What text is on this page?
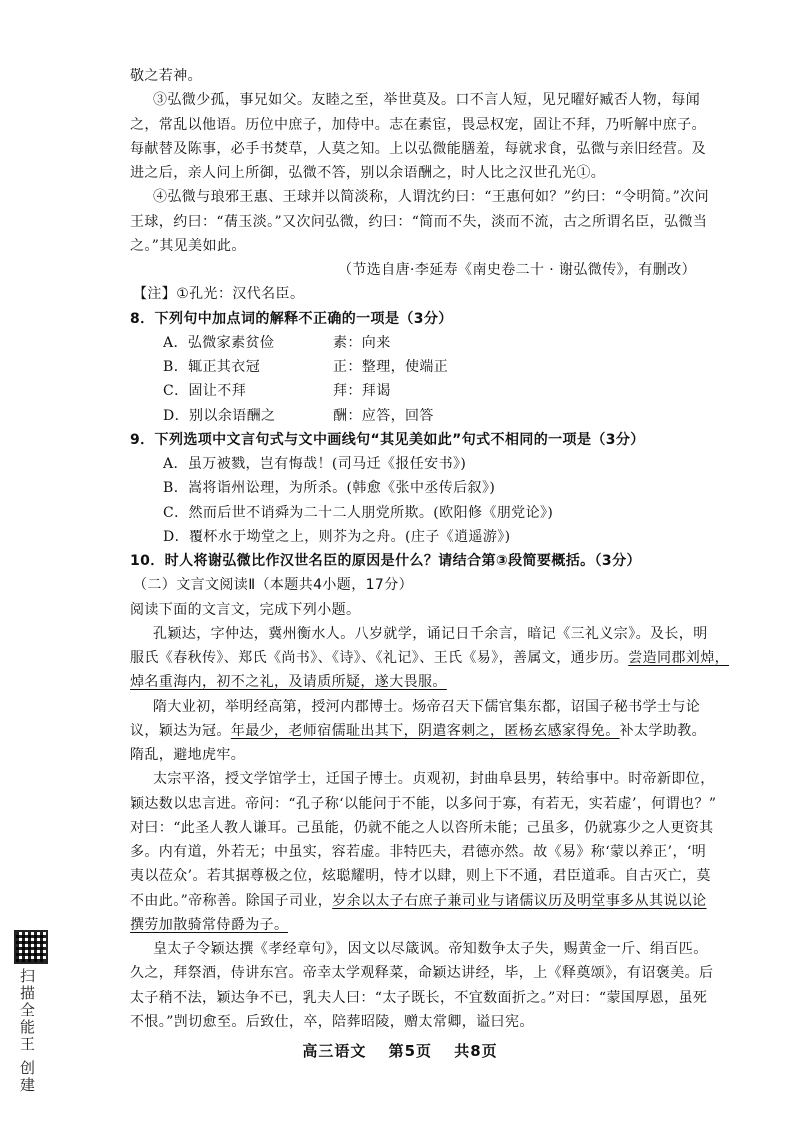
敬之若神。
③弘微少孤，事兄如父。友睦之至，举世莫及。口不言人短，见兄曜好臧否人物，每闻
之，常乱以他语。历位中庶子，加侍中。志在素宦，畏忌权宠，固让不拜，乃听解中庶子。
每献替及陈事，必手书焚草，人莫之知。上以弘微能膳羞，每就求食，弘微与亲旧经营。及
进之后，亲人问上所御，弘微不答，别以余语酬之，时人比之汉世孔光①。
④弘微与琅邪王惠、王球并以简淡称，人谓沈约曰：“王惠何如？”约曰：“令明简。”次问
王球，约曰：“蒨玉淡。”又次问弘微，约曰：“简而不失，淡而不流，古之所谓名臣，弘微当
之。”其见美如此。
（节选自唐·李延寿《南史卷二十 · 谢弘微传》，有删改）
【注】①孔光：汉代名臣。
8．下列句中加点词的解释不正确的一项是（3分）
A．弘微家素贫俭	素：向来
B．辄正其衣冠	正：整理，使端正
C．固让不拜	拜：拜谒
D．别以余语酬之	酬：应答，回答
9．下列选项中文言句式与文中画线句“其见美如此”句式不相同的一项是（3分）
A．虽万被戮，岂有悔哉！(司马迁《报任安书》)
B．嵩将诣州讼理，为所杀。(韩愈《张中丞传后叙》)
C．然而后世不诮舜为二十二人朋党所欺。(欧阳修《朋党论》)
D．覆杯水于坳堂之上，则芥为之舟。(庄子《逍遥游》)
10．时人将谢弘微比作汉世名臣的原因是什么？请结合第③段简要概括。（3分）
（二）文言文阅读Ⅱ（本题共4小题，17分）
阅读下面的文言文，完成下列小题。
孔颖达，字仲达，冀州衡水人。八岁就学，诵记日千余言，暗记《三礼义宗》。及长，明
服氏《春秋传》、郑氏《尚书》、《诗》、《礼记》、王氏《易》，善属文，通步历。尝造同郡刘焯，
焯名重海内，初不之礼，及请质所疑，遂大畏服。
隋大业初，举明经高第，授河内郡博士。炀帝召天下儒官集东都，诏国子秘书学士与论
议，颖达为冠。年最少，老师宿儒耻出其下，阴遣客刺之，匿杨玄感家得免。补太学助教。
隋乱，避地虎牢。
太宗平洛，授文学馆学士，迁国子博士。贞观初，封曲阜县男，转给事中。时帝新即位，
颖达数以忠言进。帝问：“孔子称‘以能问于不能，以多问于寡，有若无，实若虚’，何谓也？”
对曰：“此圣人教人谦耳。己虽能，仍就不能之人以咨所未能；己虽多，仍就寡少之人更资其
多。内有道，外若无；中虽实，容若虚。非特匹夫，君德亦然。故《易》称‘蒙以养正’，‘明
夷以莅众’。若其据尊极之位，炫聪耀明，恃才以肆，则上下不通，君臣道乖。自古灭亡，莫
不由此。”帝称善。除国子司业，岁余以太子右庶子兼司业与诸儒议历及明堂事多从其说以论
高三语文 第5页 共8页
扫描全能王 创建
撰劳加散骑常侍爵为子。
皇太子令颖达撰《孝经章句》，因文以尽箴讽。帝知数争太子失，赐黄金一斤、绢百匹。
久之，拜祭酒，侍讲东宫。帝幸太学观释菜，命颖达讲经，毕，上《释奠颂》，有诏褒美。后
太子稍不法，颖达争不已，乳夫人曰：“太子既长，不宜数面折之。”对曰：“蒙国厚恩，虽死
不恨。”剀切愈至。后致仕，卒，陪葬昭陵，赠太常卿，谥曰宪。
